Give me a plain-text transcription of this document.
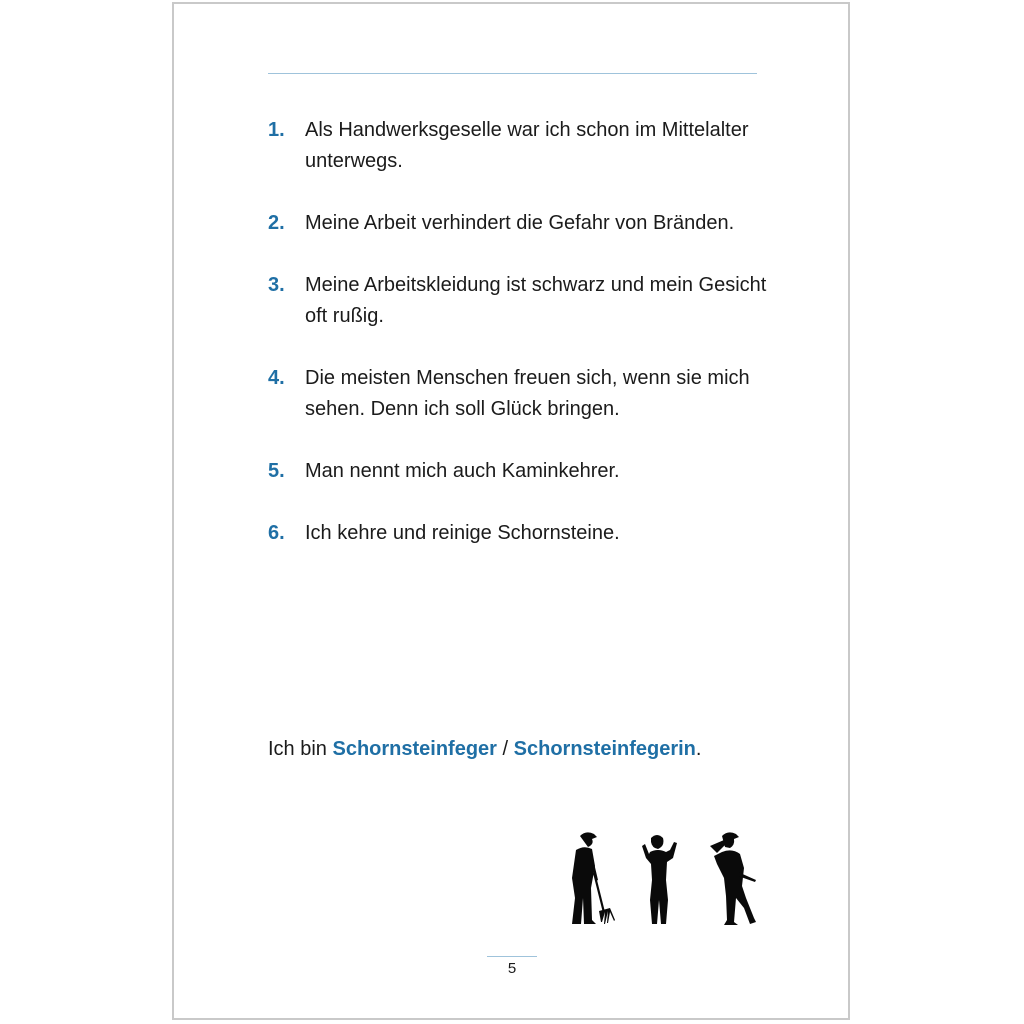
1.	Als Handwerksgeselle war ich schon im Mittelalter unterwegs.
2.	Meine Arbeit verhindert die Gefahr von Bränden.
3.	Meine Arbeitskleidung ist schwarz und mein Gesicht oft rußig.
4.	Die meisten Menschen freuen sich, wenn sie mich sehen. Denn ich soll Glück bringen.
5.	Man nennt mich auch Kaminkehrer.
6.	Ich kehre und reinige Schornsteine.
Ich bin Schornsteinfeger / Schornsteinfegerin.
5
